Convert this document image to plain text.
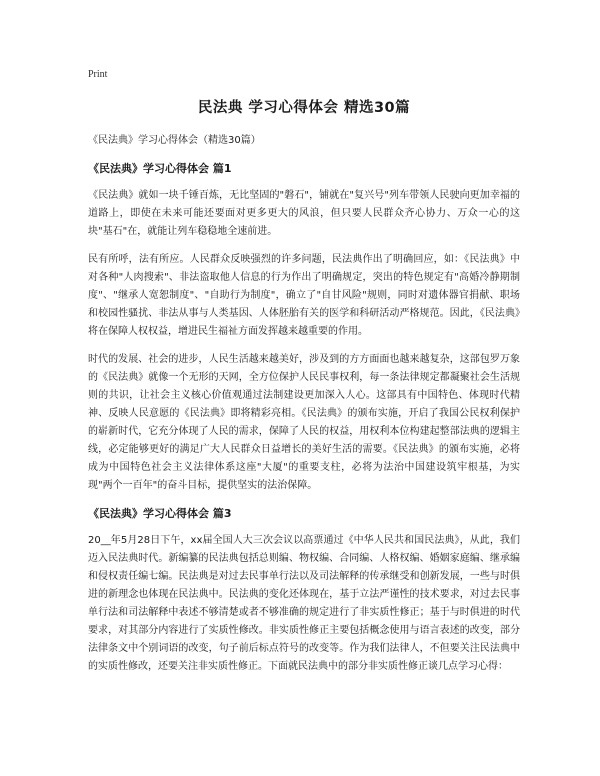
Print
民法典 学习心得体会 精选30篇

《民法典》学习心得体会（精选30篇）

《民法典》学习心得体会 篇1

《民法典》就如一块千锤百炼，无比坚固的"磐石"，铺就在"复兴号"列车带领人民驶向更加幸福的道路上，即使在未来可能还要面对更多更大的风浪，但只要人民群众齐心协力、万众一心的这块"基石"在，就能让列车稳稳地全速前进。

民有所呼，法有所应。人民群众反映强烈的许多问题，民法典作出了明确回应，如：《民法典》中对各种"人肉搜索"、非法盗取他人信息的行为作出了明确规定，突出的特色规定有"高婚冷静期制度"、"继承人宽恕制度"、"自助行为制度"，确立了"自甘风险"规则，同时对遗体器官捐献、职场和校园性骚扰、非法从事与人类基因、人体胚胎有关的医学和科研活动严格规范。因此，《民法典》将在保障人权权益，增进民生福祉方面发挥越来越重要的作用。

时代的发展、社会的进步，人民生活越来越美好，涉及到的方方面面也越来越复杂，这部包罗万象的《民法典》就像一个无形的天网，全方位保护人民民事权利，每一条法律规定都凝聚社会生活规则的共识，让社会主义核心价值观通过法制建设更加深入人心。这部具有中国特色、体现时代精神、反映人民意愿的《民法典》即将精彩亮相。《民法典》的颁布实施，开启了我国公民权利保护的崭新时代，它充分体现了人民的需求，保障了人民的权益，用权利本位构建起整部法典的逻辑主线，必定能够更好的满足广大人民群众日益增长的美好生活的需要。《民法典》的颁布实施，必将成为中国特色社会主义法律体系这座"大厦"的重要支柱，必将为法治中国建设筑牢根基，为实现"两个一百年"的奋斗目标，提供坚实的法治保障。

《民法典》学习心得体会 篇3

20__年5月28日下午，xx届全国人大三次会议以高票通过《中华人民共和国民法典》，从此，我们迈入民法典时代。新编纂的民法典包括总则编、物权编、合同编、人格权编、婚姻家庭编、继承编和侵权责任编七编。民法典是对过去民事单行法以及司法解释的传承继受和创新发展，一些与时俱进的新理念也体现在民法典中。民法典的变化还体现在，基于立法严谨性的技术要求，对过去民事单行法和司法解释中表述不够清楚或者不够准确的规定进行了非实质性修正；基于与时俱进的时代要求，对其部分内容进行了实质性修改。非实质性修正主要包括概念使用与语言表述的改变，部分法律条文中个别词语的改变，句子前后标点符号的改变等。作为我们法律人，不但要关注民法典中的实质性修改，还要关注非实质性修正。下面就民法典中的部分非实质性修正谈几点学习心得：
